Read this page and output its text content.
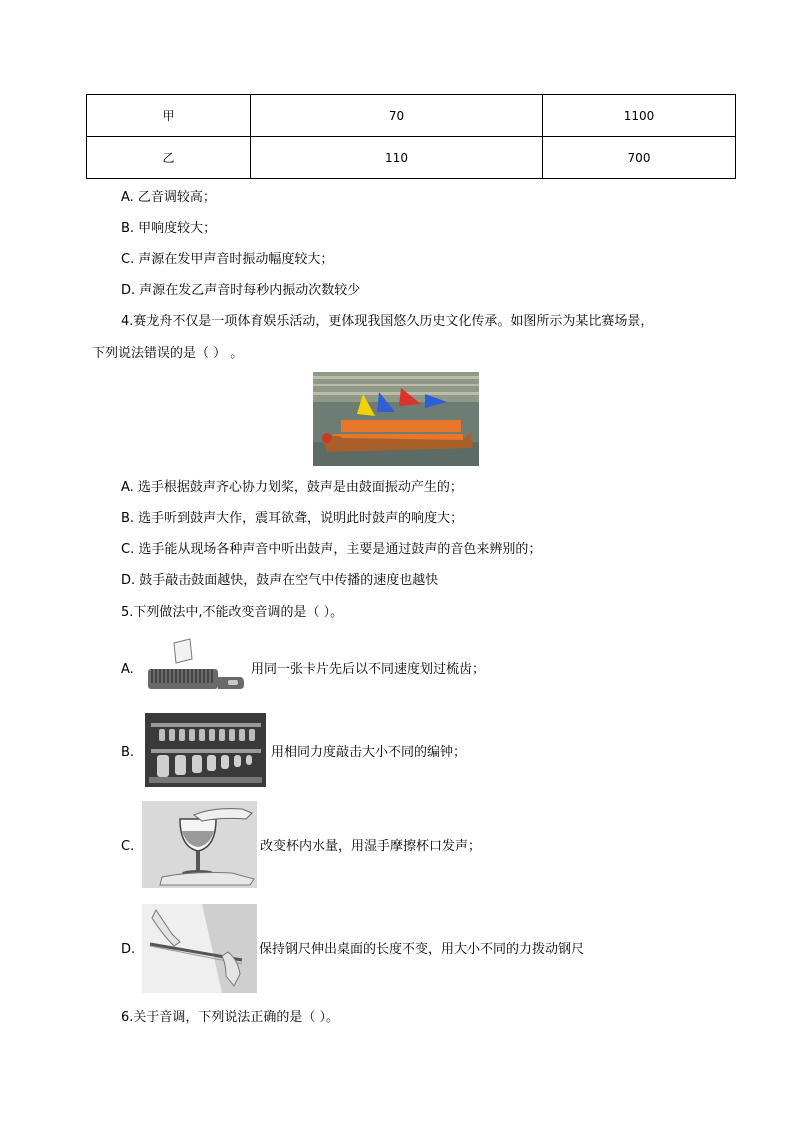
甲	70	1100
乙	110	700
A. 乙音调较高；
B. 甲响度较大；
C. 声源在发甲声音时振动幅度较大；
D. 声源在发乙声音时每秒内振动次数较少
4.赛龙舟不仅是一项体育娱乐活动，更体现我国悠久历史文化传承。如图所示为某比赛场景，
下列说法错误的是（ ） 。
A. 选手根据鼓声齐心协力划桨，鼓声是由鼓面振动产生的；
B. 选手听到鼓声大作，震耳欲聋，说明此时鼓声的响度大；
C. 选手能从现场各种声音中听出鼓声，主要是通过鼓声的音色来辨别的；
D. 鼓手敲击鼓面越快，鼓声在空气中传播的速度也越快
5.下列做法中,不能改变音调的是（ ）。
A.	用同一张卡片先后以不同速度划过梳齿；
B.	用相同力度敲击大小不同的编钟；
C.	改变杯内水量，用湿手摩擦杯口发声；
D.	保持钢尺伸出桌面的长度不变，用大小不同的力拨动钢尺
6.关于音调，下列说法正确的是（ ）。
